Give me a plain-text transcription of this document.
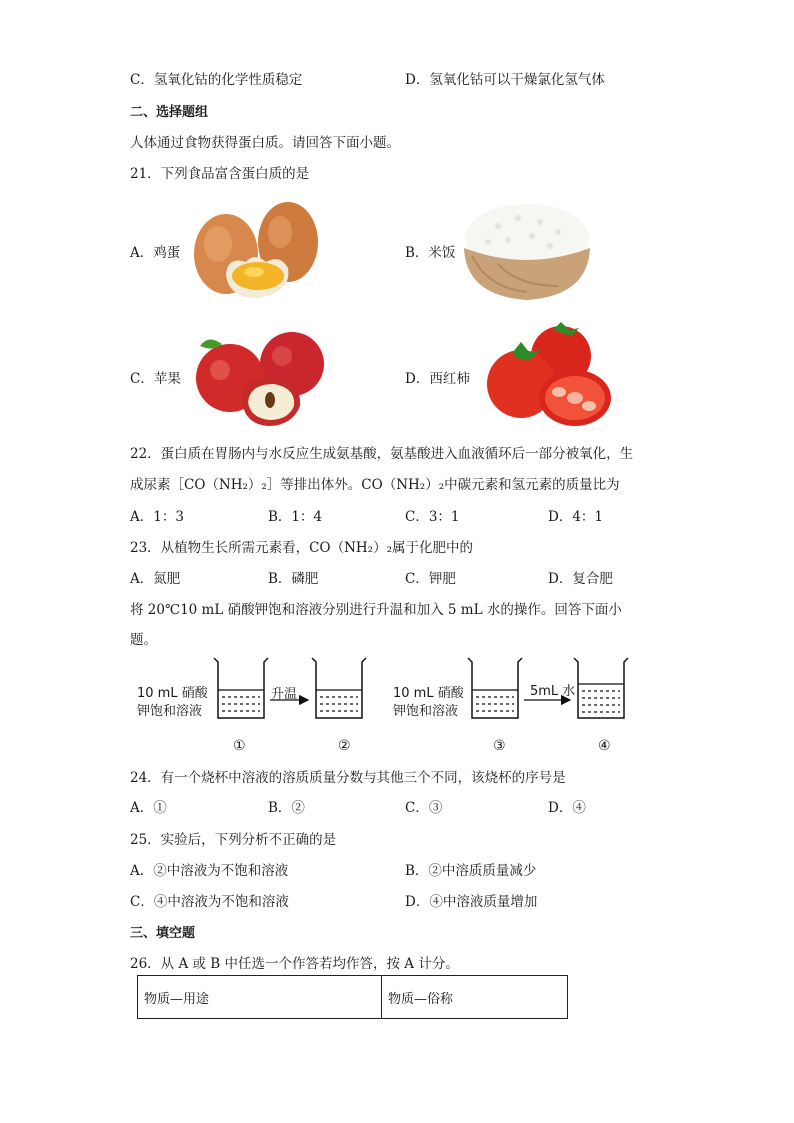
C．氢氧化钴的化学性质稳定	D．氢氧化钴可以干燥氯化氢气体
二、选择题组
人体通过食物获得蛋白质。请回答下面小题。
21．下列食品富含蛋白质的是
A．鸡蛋	B．米饭
C．苹果	D．西红柿
22．蛋白质在胃肠内与水反应生成氨基酸，氨基酸进入血液循环后一部分被氧化，生
成尿素［CO（NH₂）₂］等排出体外。CO（NH₂）₂中碳元素和氢元素的质量比为
A．1：3	B．1：4	C．3：1	D．4：1
23．从植物生长所需元素看，CO（NH₂）₂属于化肥中的
A．氮肥	B．磷肥	C．钾肥	D．复合肥
将 20℃10 mL 硝酸钾饱和溶液分别进行升温和加入 5 mL 水的操作。回答下面小
题。
10 mL 硝酸
钾饱和溶液
10 mL 硝酸
钾饱和溶液
升温	5mL 水
①	②	③	④
24．有一个烧杯中溶液的溶质质量分数与其他三个不同，该烧杯的序号是
A．①	B．②	C．③	D．④
25．实验后，下列分析不正确的是
A．②中溶液为不饱和溶液	B．②中溶质质量减少
C．④中溶液为不饱和溶液	D．④中溶液质量增加
三、填空题
26．从 A 或 B 中任选一个作答若均作答，按 A 计分。
物质—用途	物质—俗称
